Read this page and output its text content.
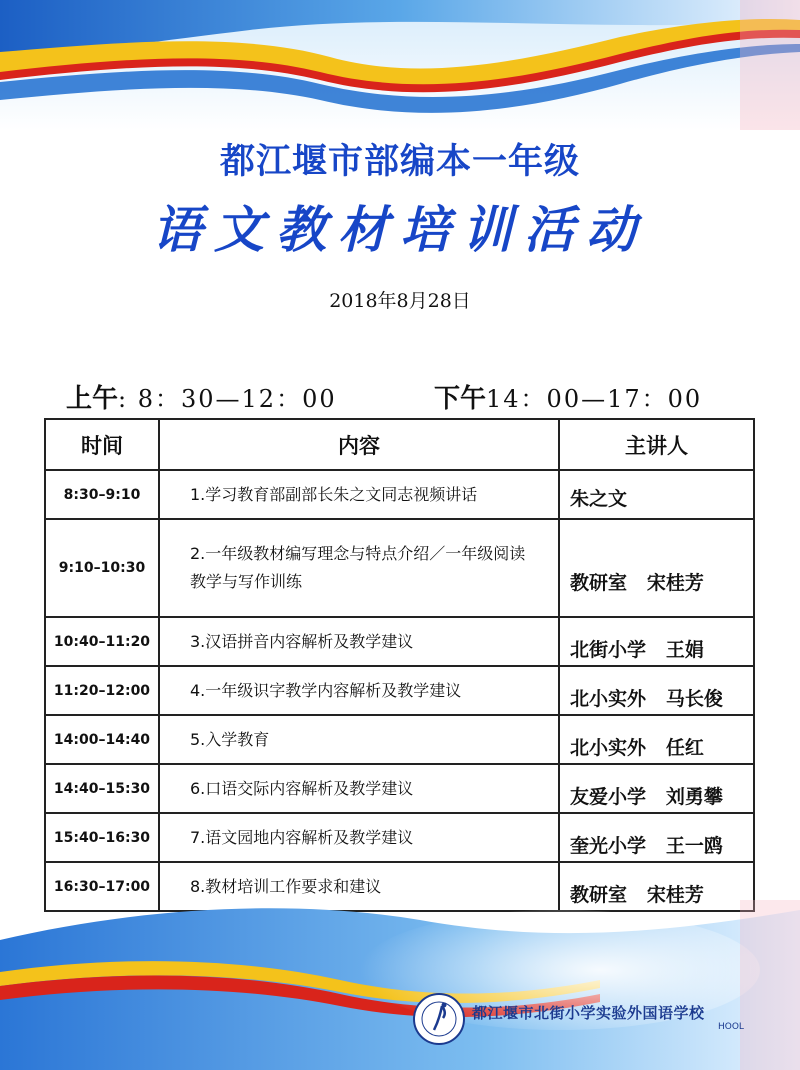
都江堰市部编本一年级
语文教材培训活动
2018年8月28日
上午: 8：30—12：00	下午14：00—17：00
时间	内容	主讲人
8:30–9:10	1.学习教育部副部长朱之文同志视频讲话	朱之文
9:10–10:30	2.一年级教材编写理念与特点介绍／一年级阅读教学与写作训练	教研室   宋桂芳
10:40–11:20	3.汉语拼音内容解析及教学建议	北街小学   王娟
11:20–12:00	4.一年级识字教学内容解析及教学建议	北小实外   马长俊
14:00–14:40	5.入学教育	北小实外   任红
14:40–15:30	6.口语交际内容解析及教学建议	友爱小学   刘勇攀
15:40–16:30	7.语文园地内容解析及教学建议	奎光小学   王一鸥
16:30–17:00	8.教材培训工作要求和建议	教研室   宋桂芳
都江堰市北街小学实验外国语学校
HOOL
